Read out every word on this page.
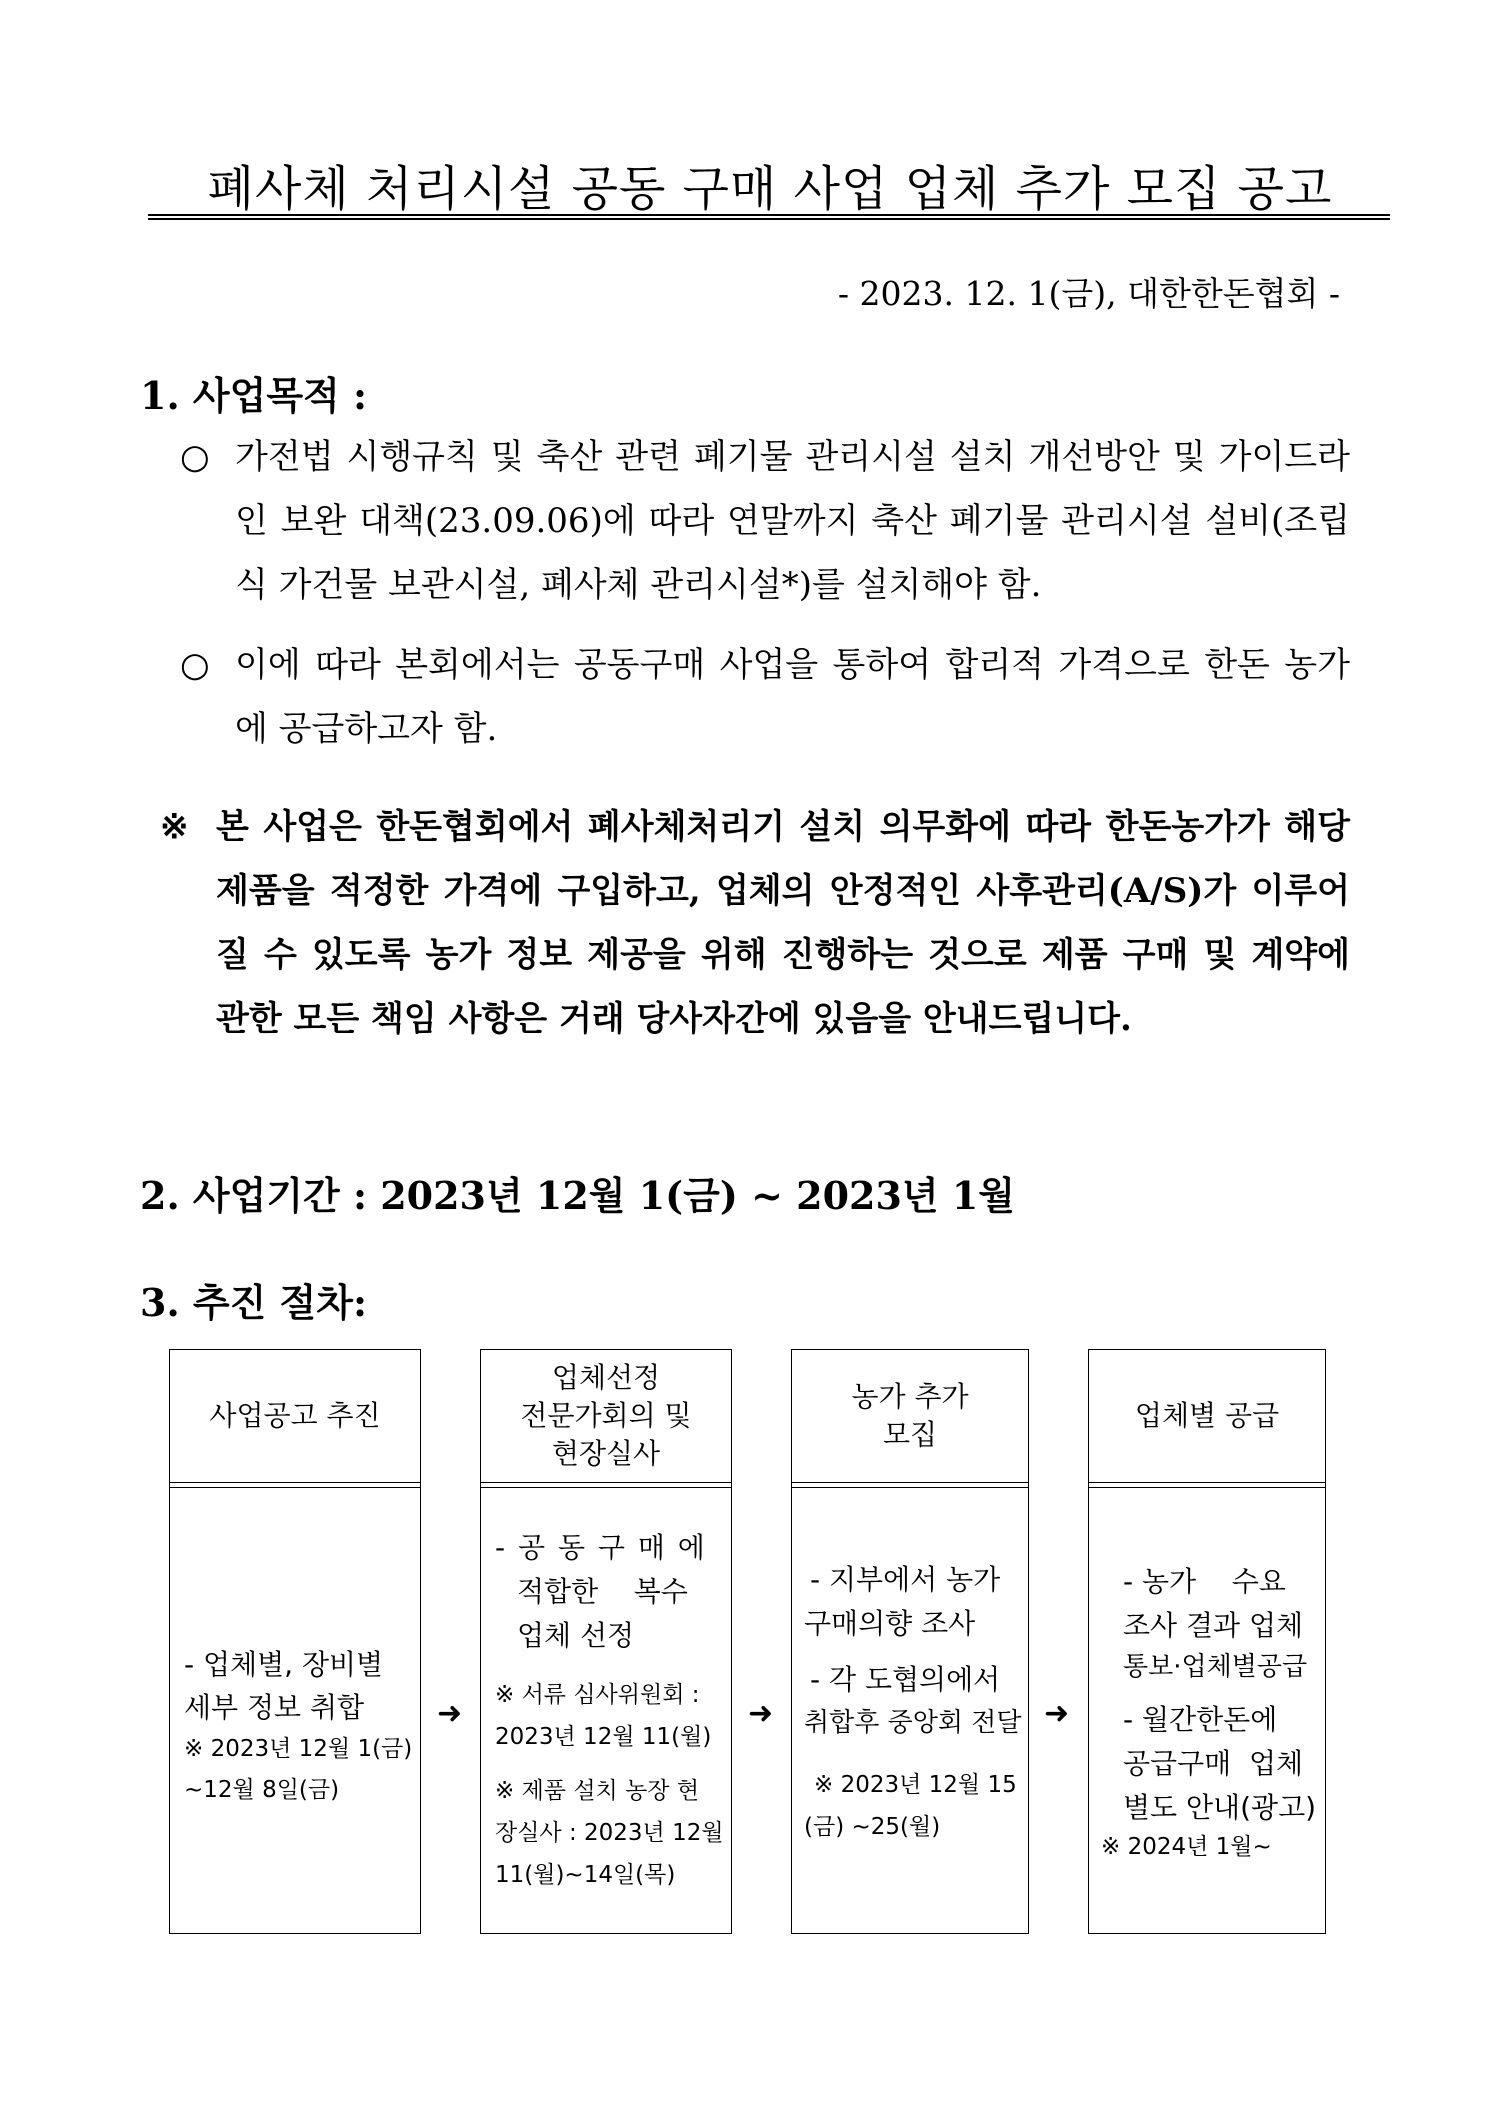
폐사체 처리시설 공동 구매 사업 업체 추가 모집 공고
- 2023. 12. 1(금), 대한한돈협회 -
1. 사업목적 :
○ 가전법 시행규칙 및 축산 관련 폐기물 관리시설 설치 개선방안 및 가이드라인 보완 대책(23.09.06)에 따라 연말까지 축산 폐기물 관리시설 설비(조립식 가건물 보관시설, 폐사체 관리시설*)를 설치해야 함.
○ 이에 따라 본회에서는 공동구매 사업을 통하여 합리적 가격으로 한돈 농가에 공급하고자 함.
※ 본 사업은 한돈협회에서 폐사체처리기 설치 의무화에 따라 한돈농가가 해당 제품을 적정한 가격에 구입하고, 업체의 안정적인 사후관리(A/S)가 이루어질 수 있도록 농가 정보 제공을 위해 진행하는 것으로 제품 구매 및 계약에 관한 모든 책임 사항은 거래 당사자간에 있음을 안내드립니다.
2. 사업기간 : 2023년 12월 1(금) ~ 2023년 1월
3. 추진 절차:
사업공고 추진
- 업체별, 장비별
세부 정보 취합
※ 2023년 12월 1(금)
~12월 8일(금)
➜
업체선정
전문가회의 및
현장실사
- 공 동 구 매 에
적합한    복수
업체 선정
※ 서류 심사위원회 :
2023년 12월 11(월)
※ 제품 설치 농장 현
장실사 : 2023년 12월
11(월)~14일(목)
➜
농가 추가
모집
- 지부에서 농가
구매의향 조사
- 각 도협의에서
취합후 중앙회 전달
※ 2023년 12월 15
(금) ~25(월)
➜
업체별 공급
- 농가    수요
조사 결과 업체
통보·업체별공급
- 월간한돈에
공급구매  업체
별도 안내(광고)
※ 2024년 1월~
